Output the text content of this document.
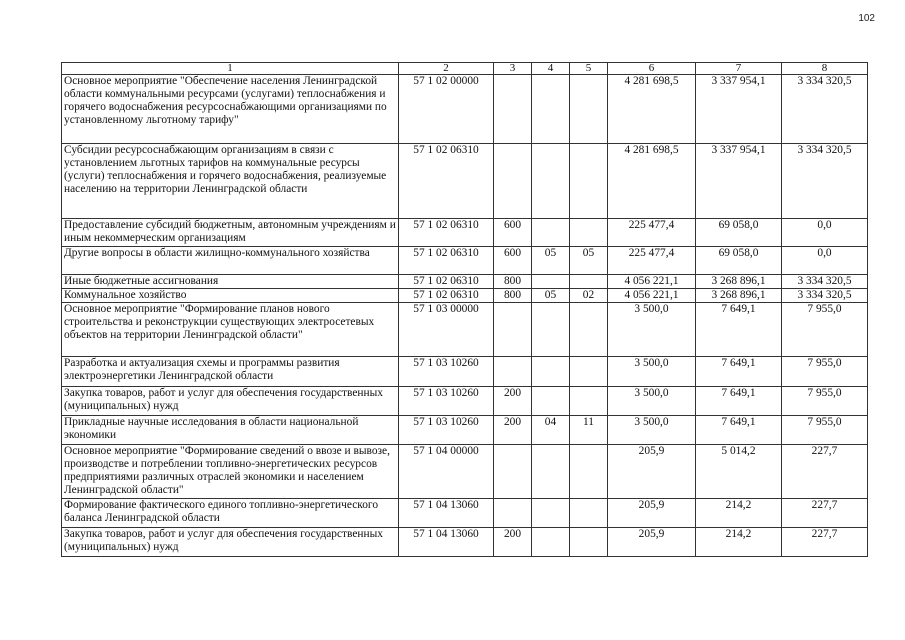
102
1	2	3	4	5	6	7	8
Основное мероприятие "Обеспечение населения Ленинградской области коммунальными ресурсами (услугами) теплоснабжения и горячего водоснабжения ресурсоснабжающими организациями по установленному льготному тарифу"	57 1 02 00000				4 281 698,5	3 337 954,1	3 334 320,5
Субсидии ресурсоснабжающим организациям в связи с установлением льготных тарифов на коммунальные ресурсы (услуги) теплоснабжения и горячего водоснабжения, реализуемые населению на территории Ленинградской области	57 1 02 06310				4 281 698,5	3 337 954,1	3 334 320,5
Предоставление субсидий бюджетным, автономным учреждениям и иным некоммерческим организациям	57 1 02 06310	600			225 477,4	69 058,0	0,0
Другие вопросы в области жилищно-коммунального хозяйства	57 1 02 06310	600	05	05	225 477,4	69 058,0	0,0
Иные бюджетные ассигнования	57 1 02 06310	800			4 056 221,1	3 268 896,1	3 334 320,5
Коммунальное хозяйство	57 1 02 06310	800	05	02	4 056 221,1	3 268 896,1	3 334 320,5
Основное мероприятие "Формирование планов нового строительства и реконструкции существующих электросетевых объектов на территории Ленинградской области"	57 1 03 00000				3 500,0	7 649,1	7 955,0
Разработка и актуализация схемы и программы развития электроэнергетики Ленинградской области	57 1 03 10260				3 500,0	7 649,1	7 955,0
Закупка товаров, работ и услуг для обеспечения государственных (муниципальных) нужд	57 1 03 10260	200			3 500,0	7 649,1	7 955,0
Прикладные научные исследования в области национальной экономики	57 1 03 10260	200	04	11	3 500,0	7 649,1	7 955,0
Основное мероприятие "Формирование сведений о ввозе и вывозе, производстве и потреблении топливно-энергетических ресурсов предприятиями различных отраслей экономики и населением Ленинградской области"	57 1 04 00000				205,9	5 014,2	227,7
Формирование фактического единого топливно-энергетического баланса Ленинградской области	57 1 04 13060				205,9	214,2	227,7
Закупка товаров, работ и услуг для обеспечения государственных (муниципальных) нужд	57 1 04 13060	200			205,9	214,2	227,7
